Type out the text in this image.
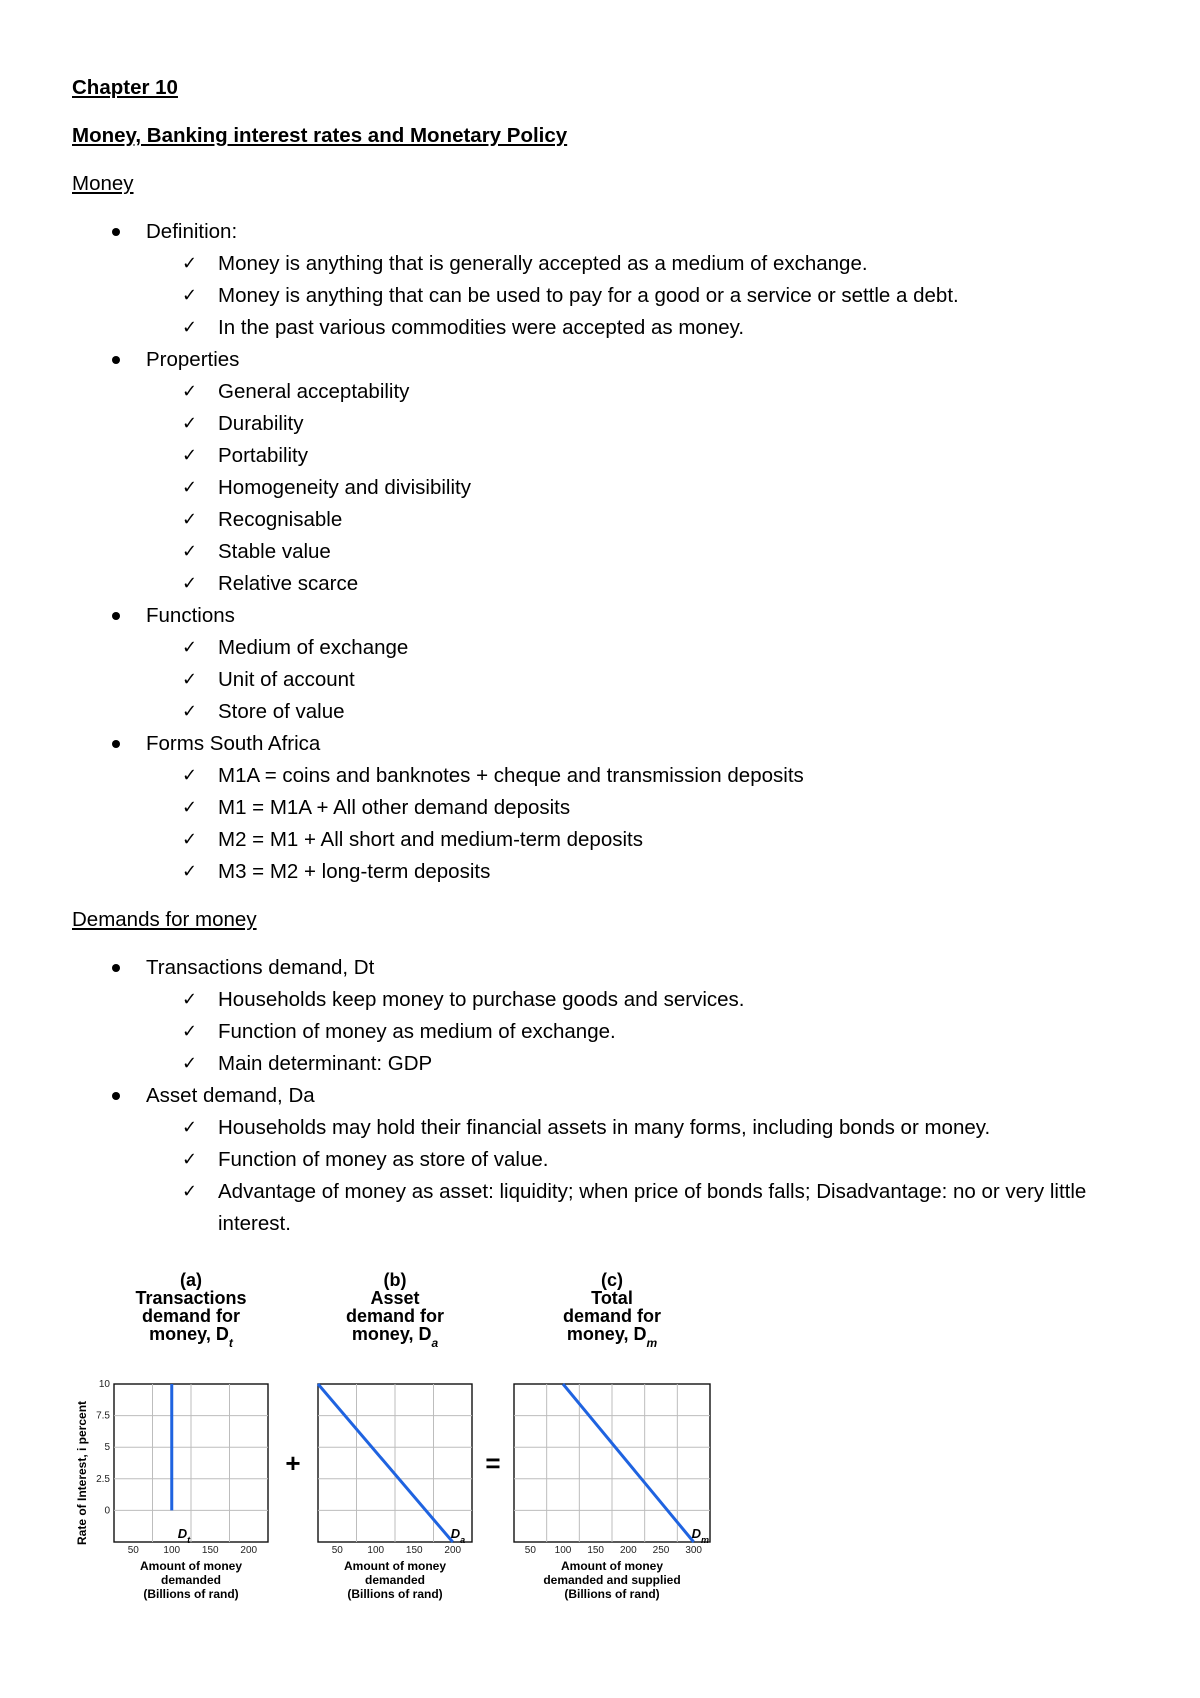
Chapter 10
Money, Banking interest rates and Monetary Policy
Money
Definition:
✓ Money is anything that is generally accepted as a medium of exchange.
✓ Money is anything that can be used to pay for a good or a service or settle a debt.
✓ In the past various commodities were accepted as money.
Properties
✓ General acceptability
✓ Durability
✓ Portability
✓ Homogeneity and divisibility
✓ Recognisable
✓ Stable value
✓ Relative scarce
Functions
✓ Medium of exchange
✓ Unit of account
✓ Store of value
Forms South Africa
✓ M1A = coins and banknotes + cheque and transmission deposits
✓ M1 = M1A + All other demand deposits
✓ M2 = M1 + All short and medium-term deposits
✓ M3 = M2 + long-term deposits
Demands for money
Transactions demand, Dt
✓ Households keep money to purchase goods and services.
✓ Function of money as medium of exchange.
✓ Main determinant: GDP
Asset demand, Da
✓ Households may hold their financial assets in many forms, including bonds or money.
✓ Function of money as store of value.
✓ Advantage of money as asset: liquidity; when price of bonds falls; Disadvantage: no or very little interest.
(a)
Transactions
demand for
money, $D_t$
50 100 150 200
Amount of money
demanded
(Billions of rand)
$D_t$
(b)
Asset
demand for
money, $D_a$
50 100 150 200
Amount of money
demanded
(Billions of rand)
$D_a$
(c)
Total
demand for
money, $D_m$
50 100 150 200 250 300
Amount of money
demanded and supplied
(Billions of rand)
$D_m$
10
7.5
5
2.5
0
Rate of Interest, i percent	+	=
